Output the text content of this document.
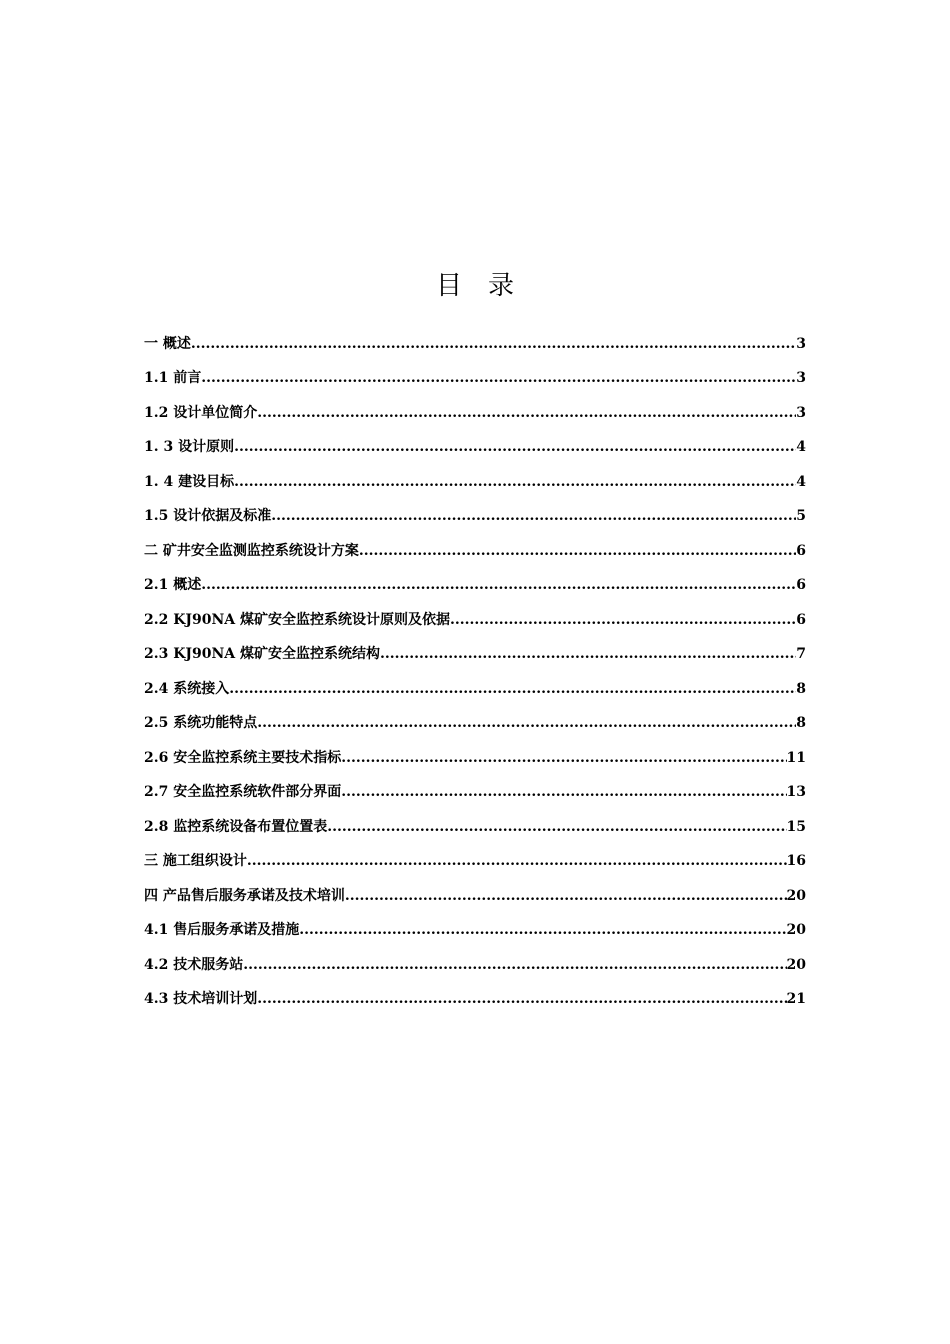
目　录
一 概述 .....	3
1.1 前言 .....	3
1.2 设计单位简介 .....	3
1. 3 设计原则 .....	4
1. 4 建设目标 .....	4
1.5 设计依据及标准 .....	5
二 矿井安全监测监控系统设计方案 .....	6
2.1 概述 .....	6
2.2 KJ90NA 煤矿安全监控系统设计原则及依据 .....	6
2.3 KJ90NA 煤矿安全监控系统结构 .....	7
2.4 系统接入 .....	8
2.5 系统功能特点 .....	8
2.6 安全监控系统主要技术指标 .....	11
2.7 安全监控系统软件部分界面 .....	13
2.8 监控系统设备布置位置表 .....	15
三 施工组织设计 .....	16
四 产品售后服务承诺及技术培训 .....	20
4.1 售后服务承诺及措施 .....	20
4.2 技术服务站 .....	20
4.3 技术培训计划 .....	21
